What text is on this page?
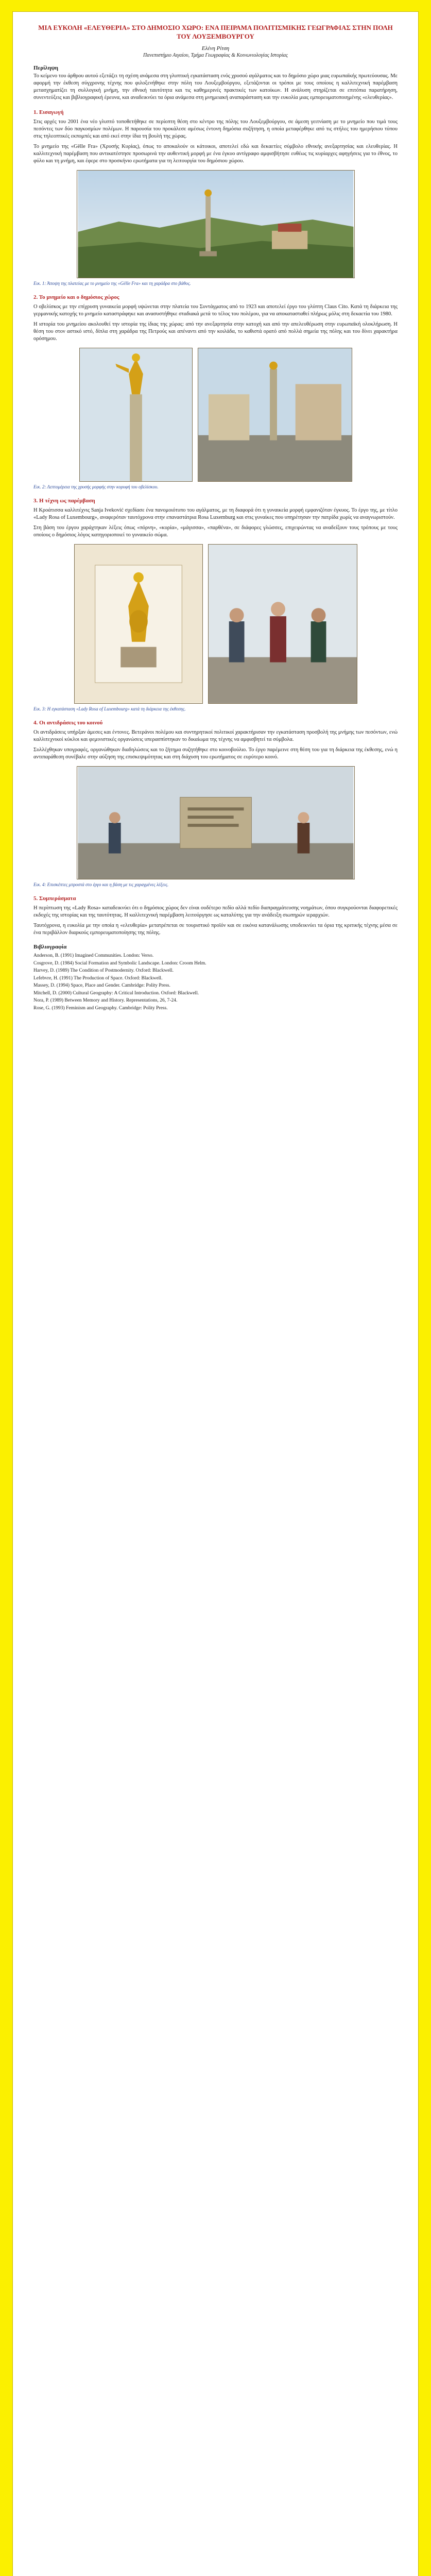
ΜΙΑ ΕΥΚΟΛΗ «ΕΛΕΥΘΕΡΙΑ» ΣΤΟ ΔΗΜΟΣΙΟ ΧΩΡΟ: ΕΝΑ ΠΕΙΡΑΜΑ ΠΟΛΙΤΙΣΜΙΚΗΣ ΓΕΩΓΡΑΦΙΑΣ ΣΤΗΝ ΠΟΛΗ ΤΟΥ ΛΟΥΞΕΜΒΟΥΡΓΟΥ
Ελένη Ρίτση
Πανεπιστήμιο Αιγαίου, Τμήμα Γεωγραφίας & Κοινωνιολογίας Ιστορίας
Περίληψη

Το κείμενο του άρθρου αυτού εξετάζει τη σχέση ανάμεσα στη γλυπτική εγκατάσταση ενός χρυσού αγάλματος και το δημόσιο χώρο μιας ευρωπαϊκής πρωτεύουσας. Με αφορμή την έκθεση σύγχρονης τέχνης που φιλοξενήθηκε στην πόλη του Λουξεμβούργου, εξετάζονται οι τρόποι με τους οποίους η καλλιτεχνική παρέμβαση μετασχηματίζει τη συλλογική μνήμη, την εθνική ταυτότητα και τις καθημερινές πρακτικές των κατοίκων. Η ανάλυση στηρίζεται σε επιτόπια παρατήρηση, συνεντεύξεις και βιβλιογραφική έρευνα, και αναδεικνύει τα όρια ανάμεσα στη μνημειακή αναπαράσταση και την ευκολία μιας εμπορευματοποιημένης «ελευθερίας».

1. Εισαγωγή

Στις αρχές του 2001 ένα νέο γλυπτό τοποθετήθηκε σε περίοπτη θέση στο κέντρο της πόλης του Λουξεμβούργου, σε άμεση γειτνίαση με το μνημείο που τιμά τους πεσόντες των δύο παγκοσμίων πολέμων. Η παρουσία του προκάλεσε αμέσως έντονη δημόσια συζήτηση, η οποία μεταφέρθηκε από τις στήλες του ημερήσιου τύπου στις τηλεοπτικές εκπομπές και από εκεί στην ίδια τη βουλή της χώρας.

Το μνημείο της «Gëlle Fra» (Χρυσής Κυρίας), όπως το αποκαλούν οι κάτοικοι, αποτελεί εδώ και δεκαετίες σύμβολο εθνικής ανεξαρτησίας και ελευθερίας. Η καλλιτεχνική παρέμβαση που αντικατέστησε προσωρινά την αυθεντική μορφή με ένα έγκυο αντίγραφο αμφισβήτησε ευθέως τις κυρίαρχες αφηγήσεις για το έθνος, το φύλο και τη μνήμη, και έφερε στο προσκήνιο ερωτήματα για τη λειτουργία του δημόσιου χώρου.

Εικ. 1: Άποψη της πλατείας με το μνημείο της «Gëlle Fra» και τη χαράδρα στο βάθος.
2. Το μνημείο και ο δημόσιος χώρος

Ο οβελίσκος με την επίχρυση γυναικεία μορφή υψώνεται στην πλατεία του Συντάγματος από το 1923 και αποτελεί έργο του γλύπτη Claus Cito. Κατά τη διάρκεια της γερμανικής κατοχής το μνημείο καταστράφηκε και ανασυστήθηκε σταδιακά μετά το τέλος του πολέμου, για να αποκατασταθεί πλήρως μόλις στη δεκαετία του 1980.

Η ιστορία του μνημείου ακολουθεί την ιστορία της ίδιας της χώρας: από την ανεξαρτησία στην κατοχή και από την απελευθέρωση στην ευρωπαϊκή ολοκλήρωση. Η θέση του στον αστικό ιστό, δίπλα στη χαράδρα της Πετρούς και απέναντι από την κοιλάδα, το καθιστά ορατό από πολλά σημεία της πόλης και του δίνει χαρακτήρα ορόσημου.

Εικ. 2: Λεπτομέρεια της χρυσής μορφής στην κορυφή του οβελίσκου.
3. Η τέχνη ως παρέμβαση

Η Κροάτισσα καλλιτέχνις Sanja Iveković σχεδίασε ένα πανομοιότυπο του αγάλματος, με τη διαφορά ότι η γυναικεία μορφή εμφανιζόταν έγκυος. Το έργο της, με τίτλο «Lady Rosa of Luxembourg», αναφερόταν ταυτόχρονα στην επαναστάτρια Rosa Luxemburg και στις γυναίκες που υπηρέτησαν την πατρίδα χωρίς να αναγνωριστούν.

Στη βάση του έργου χαράχτηκαν λέξεις όπως «πόρνη», «κυρία», «μάγισσα», «παρθένα», σε διάφορες γλώσσες, επιχειρώντας να αναδείξουν τους τρόπους με τους οποίους ο δημόσιος λόγος κατηγοριοποιεί το γυναικείο σώμα.

Εικ. 3: Η εγκατάσταση «Lady Rosa of Luxembourg» κατά τη διάρκεια της έκθεσης.
4. Οι αντιδράσεις του κοινού

Οι αντιδράσεις υπήρξαν άμεσες και έντονες. Βετεράνοι πολέμου και συντηρητικοί πολιτικοί χαρακτήρισαν την εγκατάσταση προσβολή της μνήμης των πεσόντων, ενώ καλλιτεχνικοί κύκλοι και φεμινιστικές οργανώσεις υπερασπίστηκαν το δικαίωμα της τέχνης να αμφισβητεί τα σύμβολα.

Συλλέχθηκαν υπογραφές, οργανώθηκαν διαδηλώσεις και το ζήτημα συζητήθηκε στο κοινοβούλιο. Το έργο παρέμεινε στη θέση του για τη διάρκεια της έκθεσης, ενώ η αντιπαράθεση συνέβαλε στην αύξηση της επισκεψιμότητας και στη διάχυση του ερωτήματος σε ευρύτερο κοινό.

Εικ. 4: Επισκέπτες μπροστά στο έργο και η βάση με τις χαραγμένες λέξεις.
5. Συμπεράσματα

Η περίπτωση της «Lady Rosa» καταδεικνύει ότι ο δημόσιος χώρος δεν είναι ουδέτερο πεδίο αλλά πεδίο διαπραγμάτευσης νοημάτων, όπου συγκρούονται διαφορετικές εκδοχές της ιστορίας και της ταυτότητας. Η καλλιτεχνική παρέμβαση λειτούργησε ως καταλύτης για την ανάδειξη σιωπηρών ιεραρχιών.

Ταυτόχρονα, η ευκολία με την οποία η «ελευθερία» μετατρέπεται σε τουριστικό προϊόν και σε εικόνα κατανάλωσης υποδεικνύει τα όρια της κριτικής τέχνης μέσα σε ένα περιβάλλον διαρκούς εμπορευματοποίησης της πόλης.

Βιβλιογραφία

Anderson, B. (1991) Imagined Communities. London: Verso.

Cosgrove, D. (1984) Social Formation and Symbolic Landscape. London: Croom Helm.

Harvey, D. (1989) The Condition of Postmodernity. Oxford: Blackwell.

Lefebvre, H. (1991) The Production of Space. Oxford: Blackwell.

Massey, D. (1994) Space, Place and Gender. Cambridge: Polity Press.

Mitchell, D. (2000) Cultural Geography: A Critical Introduction. Oxford: Blackwell.

Nora, P. (1989) Between Memory and History. Representations, 26, 7-24.

Rose, G. (1993) Feminism and Geography. Cambridge: Polity Press.
